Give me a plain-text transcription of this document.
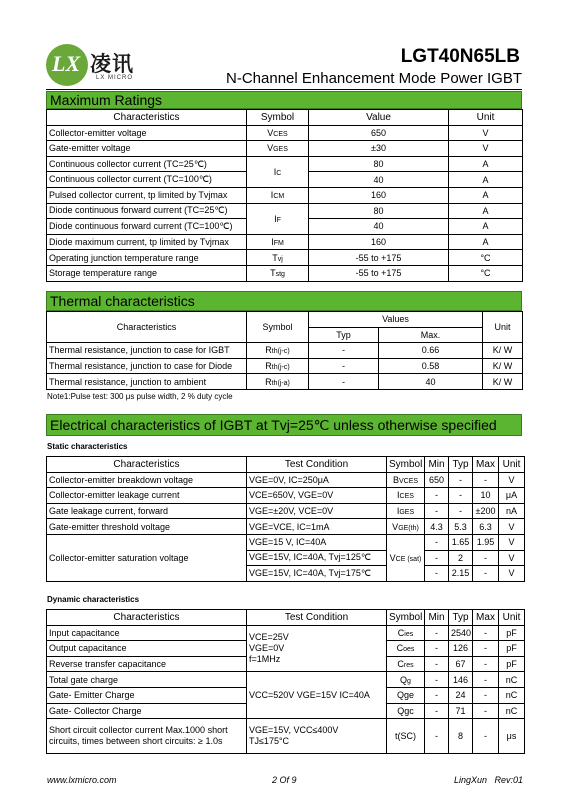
LX 凌讯
LX MICRO
LGT40N65LB
N-Channel Enhancement Mode Power IGBT
Maximum Ratings
Characteristics	Symbol	Value	Unit
Collector-emitter voltage	VCES	650	V
Gate-emitter voltage	VGES	±30	V
Continuous collector current (TC=25℃)	IC	80	A
Continuous collector current (TC=100℃)		40	A
Pulsed collector current, tp limited by Tvjmax	ICM	160	A
Diode continuous forward current (TC=25℃)	IF	80	A
Diode continuous forward current (TC=100℃)		40	A
Diode maximum current, tp limited by Tvjmax	IFM	160	A
Operating junction temperature range	Tvj	-55 to +175	°C
Storage temperature range	Tstg	-55 to +175	°C
Thermal characteristics
Characteristics	Symbol	Values		Unit
		Typ	Max.	
Thermal resistance, junction to case for IGBT	Rth(j-c)	-	0.66	K/ W
Thermal resistance, junction to case for Diode	Rth(j-c)	-	0.58	K/ W
Thermal resistance, junction to ambient	Rth(j-a)	-	40	K/ W
Note1:Pulse test: 300 μs pulse width, 2 % duty cycle
Electrical characteristics of IGBT at Tvj=25℃ unless otherwise specified
Static characteristics
Characteristics	Test Condition	Symbol	Min	Typ	Max	Unit
Collector-emitter breakdown voltage	VGE=0V, IC=250μA	BVCES	650	-	-	V
Collector-emitter leakage current	VCE=650V, VGE=0V	ICES	-	-	10	μA
Gate leakage current, forward	VGE=±20V, VCE=0V	IGES	-	-	±200	nA
Gate-emitter threshold voltage	VGE=VCE, IC=1mA	VGE(th)	4.3	5.3	6.3	V
Collector-emitter saturation voltage	VGE=15 V, IC=40A	VCE (sat)	-	1.65	1.95	V
	VGE=15V, IC=40A, Tvj=125℃		-	2	-	V
	VGE=15V, IC=40A, Tvj=175℃		-	2.15	-	V
Dynamic characteristics
Characteristics	Test Condition	Symbol	Min	Typ	Max	Unit
Input capacitance	VCE=25V
VGE=0V
f=1MHz	Cies	-	2540	-	pF
Output capacitance		Coes	-	126	-	pF
Reverse transfer capacitance		Cres	-	67	-	pF
Total gate charge	VCC=520V VGE=15V IC=40A	Qg	-	146	-	nC
Gate- Emitter Charge		Qge	-	24	-	nC
Gate- Collector Charge		Qgc	-	71	-	nC
Short circuit collector current Max.1000 short circuits, times between short circuits: ≥ 1.0s	VGE=15V, VCC≤400V
TJ≤175°C	t(SC)	-	8	-	μs
www.lxmicro.com	2 Of 9	LingXun   Rev:01
